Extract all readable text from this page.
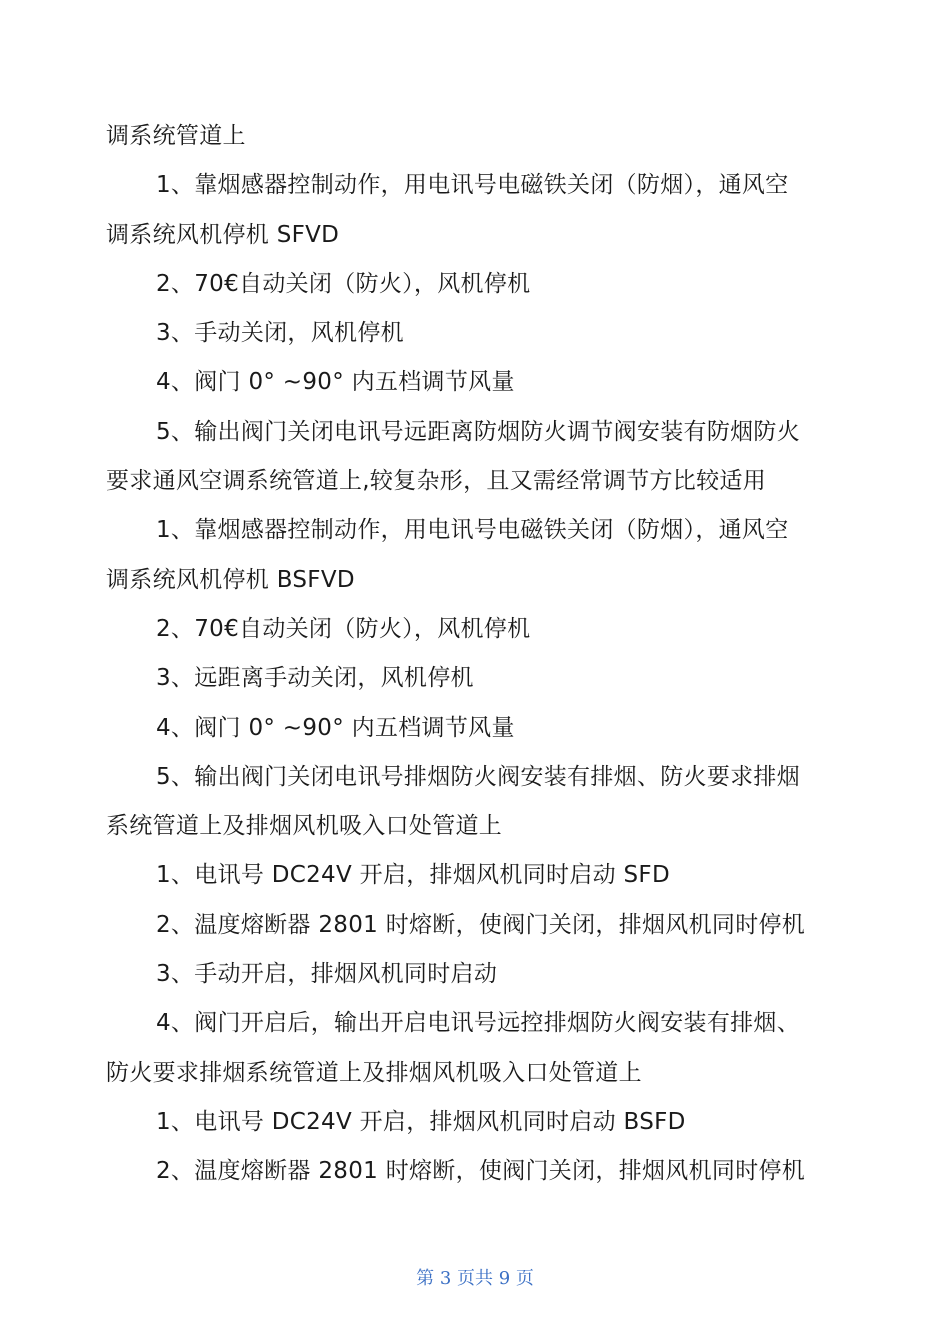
调系统管道上
1、靠烟感器控制动作，用电讯号电磁铁关闭（防烟），通风空
调系统风机停机 SFVD
2、70€自动关闭（防火），风机停机
3、手动关闭，风机停机
4、阀门 0° ~90° 内五档调节风量
5、输出阀门关闭电讯号远距离防烟防火调节阀安装有防烟防火
要求通风空调系统管道上,较复杂形，且又需经常调节方比较适用
1、靠烟感器控制动作，用电讯号电磁铁关闭（防烟），通风空
调系统风机停机 BSFVD
2、70€自动关闭（防火），风机停机
3、远距离手动关闭，风机停机
4、阀门 0° ~90° 内五档调节风量
5、输出阀门关闭电讯号排烟防火阀安装有排烟、防火要求排烟
系统管道上及排烟风机吸入口处管道上
1、电讯号 DC24V 开启，排烟风机同时启动 SFD
2、温度熔断器 2801 时熔断，使阀门关闭，排烟风机同时停机
3、手动开启，排烟风机同时启动
4、阀门开启后，输出开启电讯号远控排烟防火阀安装有排烟、
防火要求排烟系统管道上及排烟风机吸入口处管道上
1、电讯号 DC24V 开启，排烟风机同时启动 BSFD
2、温度熔断器 2801 时熔断，使阀门关闭，排烟风机同时停机
第 3 页共 9 页
